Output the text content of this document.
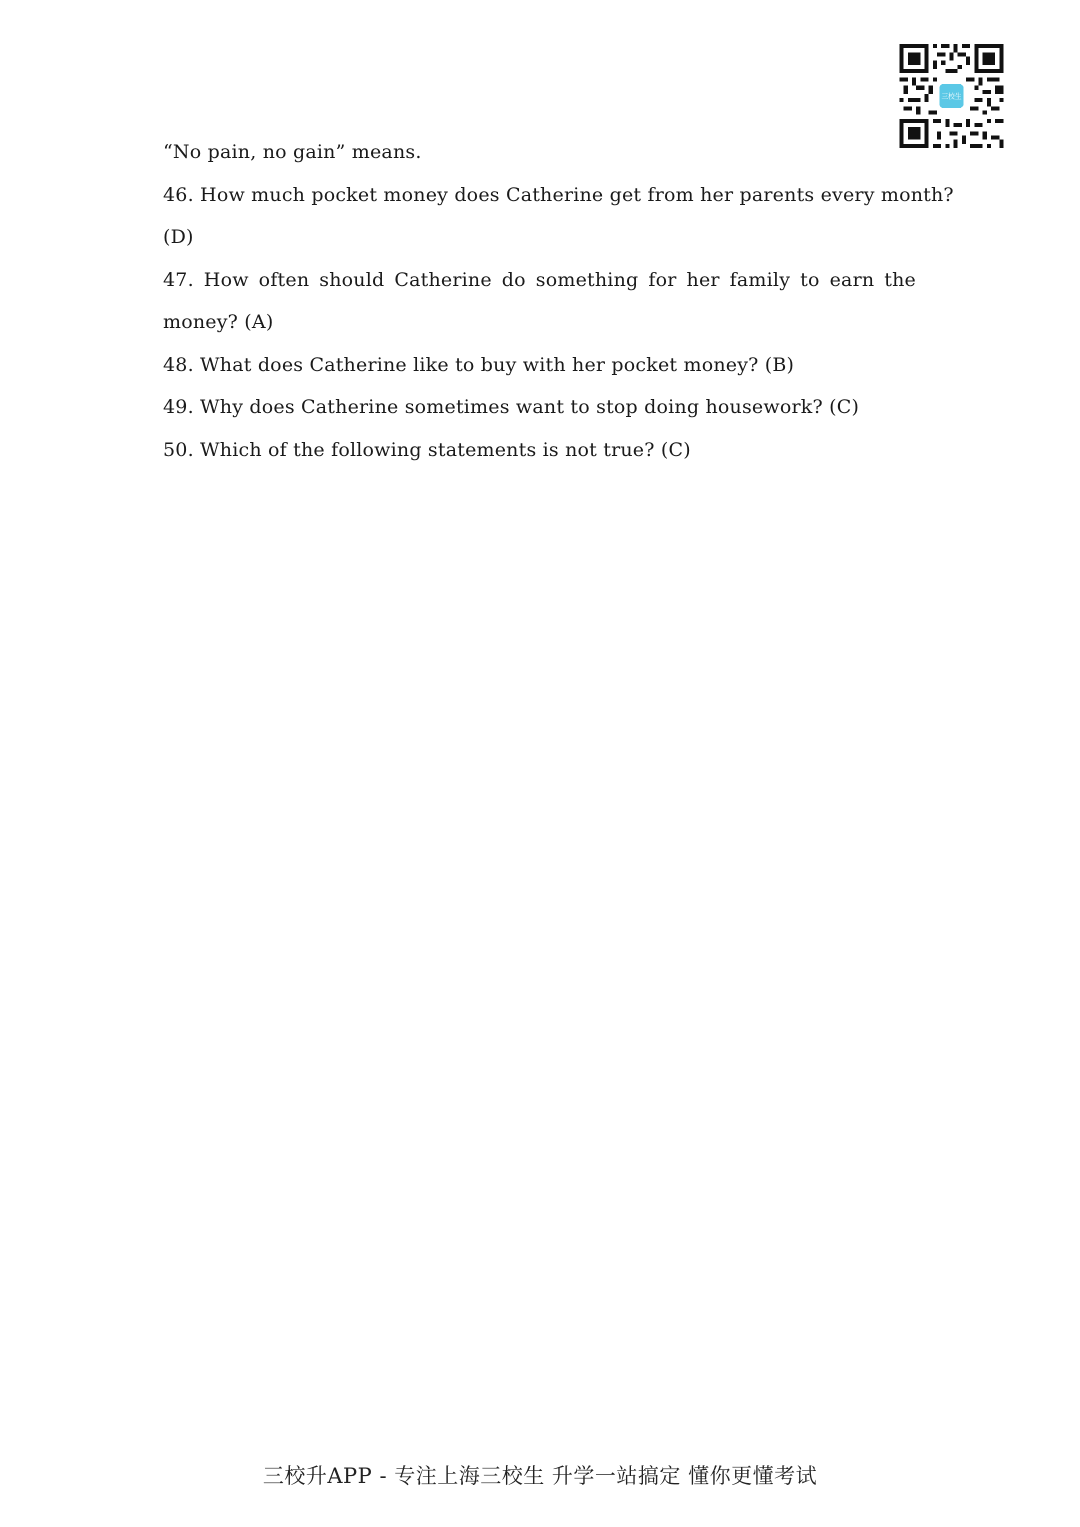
三校生
“No pain, no gain” means.
46. How much pocket money does Catherine get from her parents every month?
(D)
47. How often should Catherine do something for her family to earn the
money? (A)
48. What does Catherine like to buy with her pocket money? (B)
49. Why does Catherine sometimes want to stop doing housework? (C)
50. Which of the following statements is not true? (C)
三校升APP - 专注上海三校生 升学一站搞定 懂你更懂考试
